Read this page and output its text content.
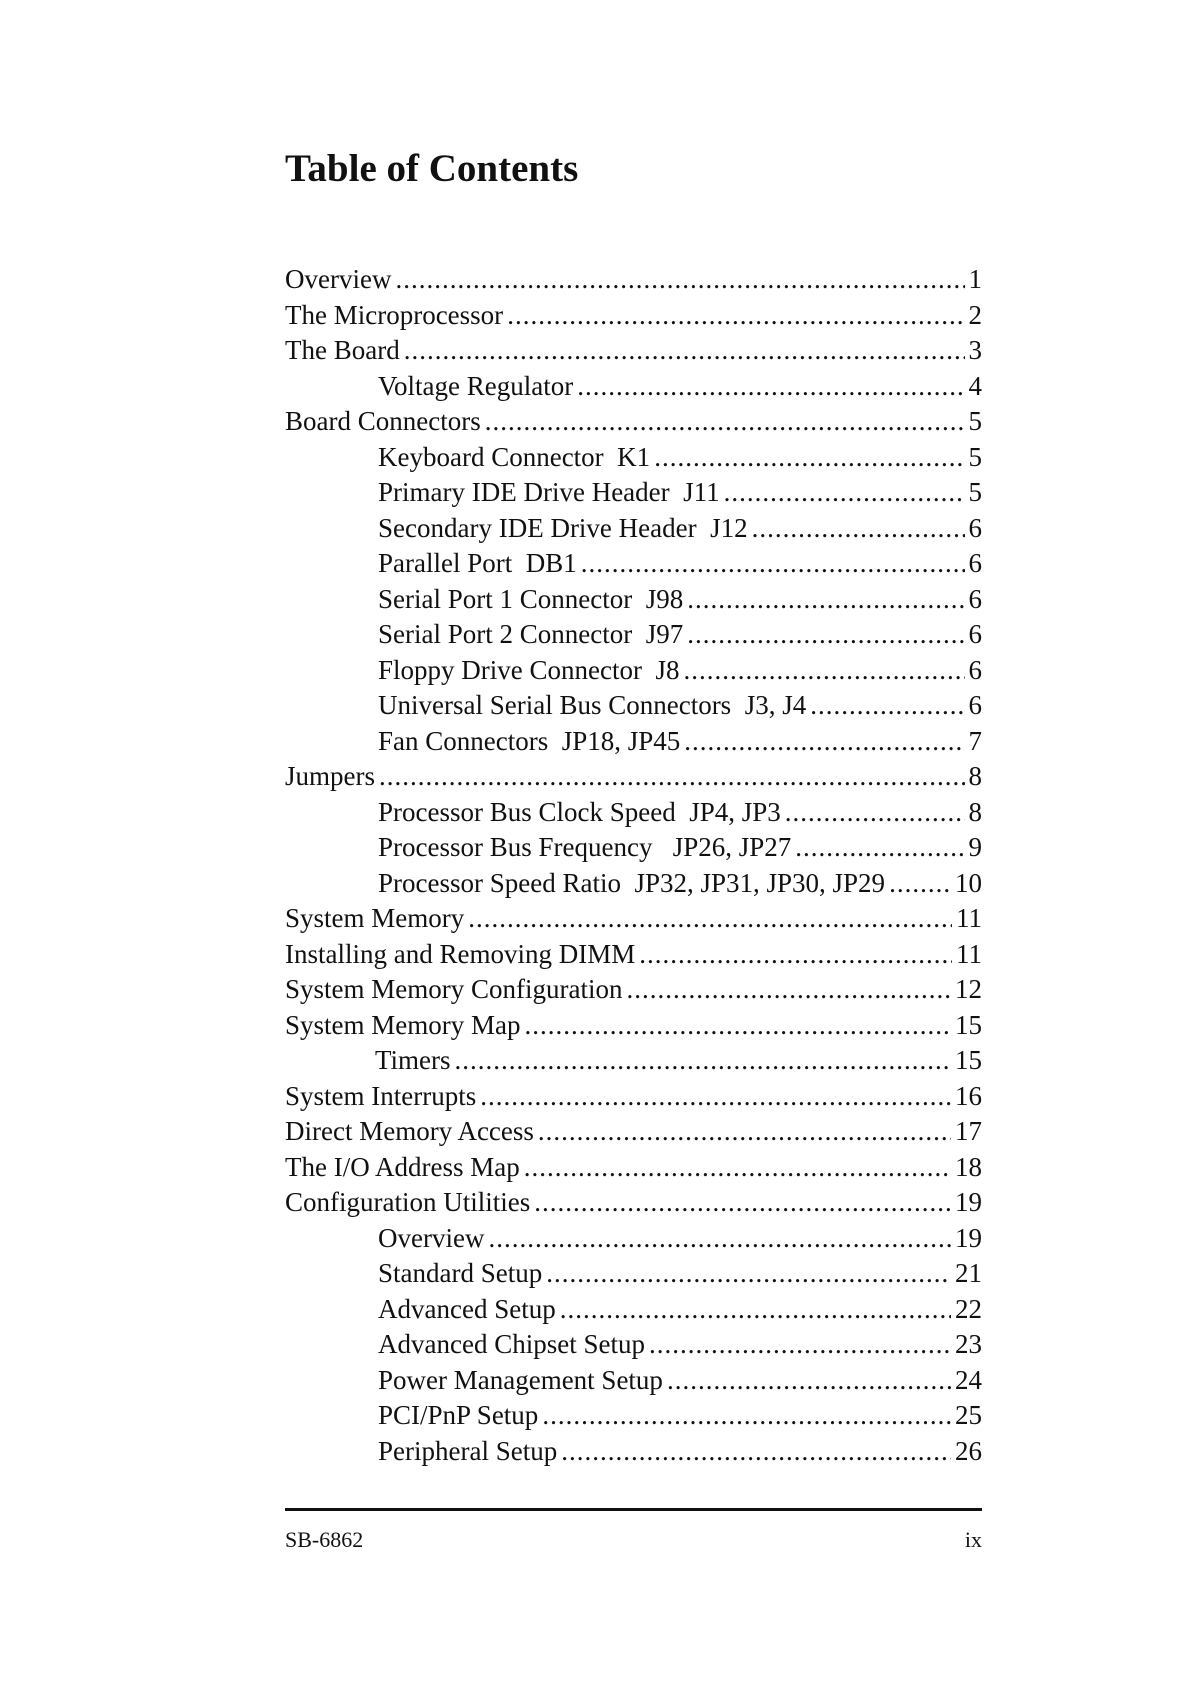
Table of Contents
Overview .....	1
The Microprocessor .....	2
The Board .....	3
Voltage Regulator .....	4
Board Connectors .....	5
Keyboard Connector  K1 .....	5
Primary IDE Drive Header  J11 .....	5
Secondary IDE Drive Header  J12 .....	6
Parallel Port  DB1 .....	6
Serial Port 1 Connector  J98 .....	6
Serial Port 2 Connector  J97 .....	6
Floppy Drive Connector  J8 .....	6
Universal Serial Bus Connectors  J3, J4 .....	6
Fan Connectors  JP18, JP45 .....	7
Jumpers .....	8
Processor Bus Clock Speed  JP4, JP3 .....	8
Processor Bus Frequency   JP26, JP27 .....	9
Processor Speed Ratio  JP32, JP31, JP30, JP29 .....	10
System Memory .....	11
Installing and Removing DIMM .....	11
System Memory Configuration .....	12
System Memory Map .....	15
Timers .....	15
System Interrupts .....	16
Direct Memory Access .....	17
The I/O Address Map .....	18
Configuration Utilities .....	19
Overview .....	19
Standard Setup .....	21
Advanced Setup .....	22
Advanced Chipset Setup .....	23
Power Management Setup .....	24
PCI/PnP Setup .....	25
Peripheral Setup .....	26
SB-6862	ix
